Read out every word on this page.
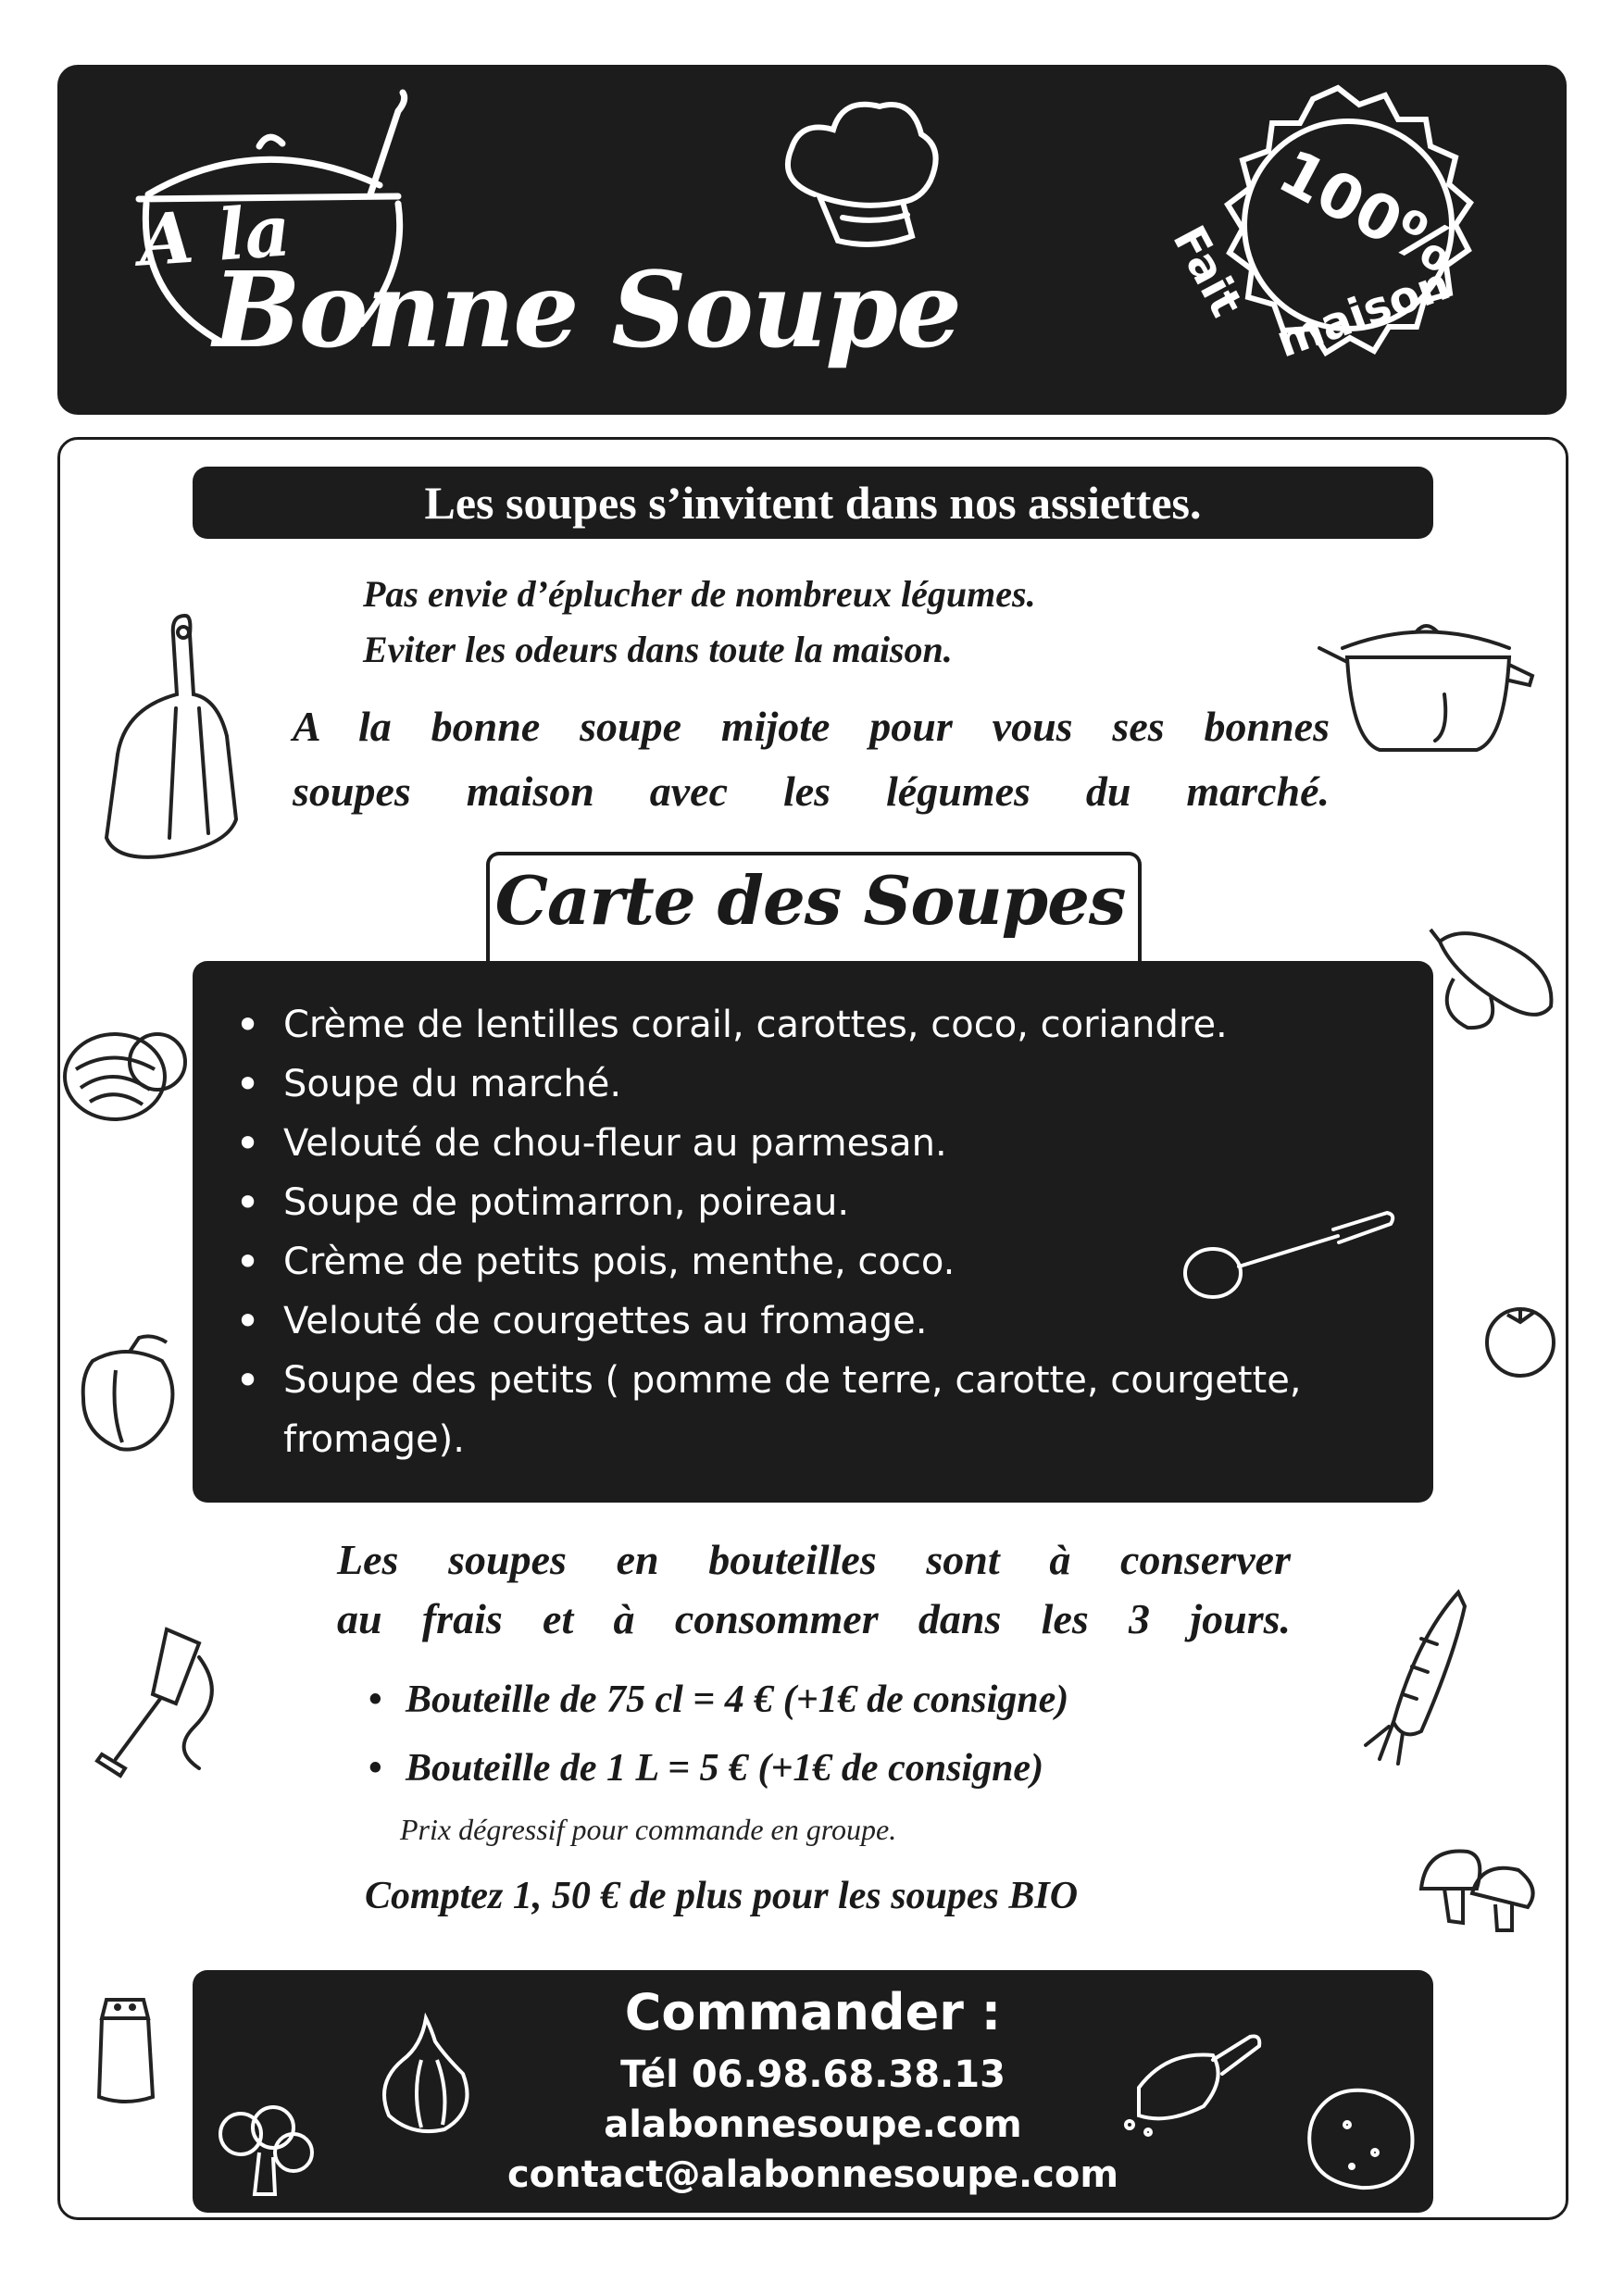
A la
Bonne Soupe
100%
Fait maison
Les soupes s’invitent dans nos assiettes.
Pas envie d’éplucher de nombreux légumes.
Eviter les odeurs dans toute la maison.
A la bonne soupe mijote pour vous ses bonnes
soupes maison avec les légumes du marché.
Carte des Soupes
• Crème de lentilles corail, carottes, coco, coriandre.
• Soupe du marché.
• Velouté de chou-fleur au parmesan.
• Soupe de potimarron, poireau.
• Crème de petits pois, menthe, coco.
• Velouté de courgettes au fromage.
• Soupe des petits ( pomme de terre, carotte, courgette, fromage).
Les soupes en bouteilles sont à conserver
au frais et à consommer dans les 3 jours.
• Bouteille de 75 cl = 4 € (+1€ de consigne)
• Bouteille de 1 L = 5 € (+1€ de consigne)
Prix dégressif pour commande en groupe.
Comptez 1, 50 € de plus pour les soupes BIO
Commander :
Tél 06.98.68.38.13
alabonnesoupe.com
contact@alabonnesoupe.com
